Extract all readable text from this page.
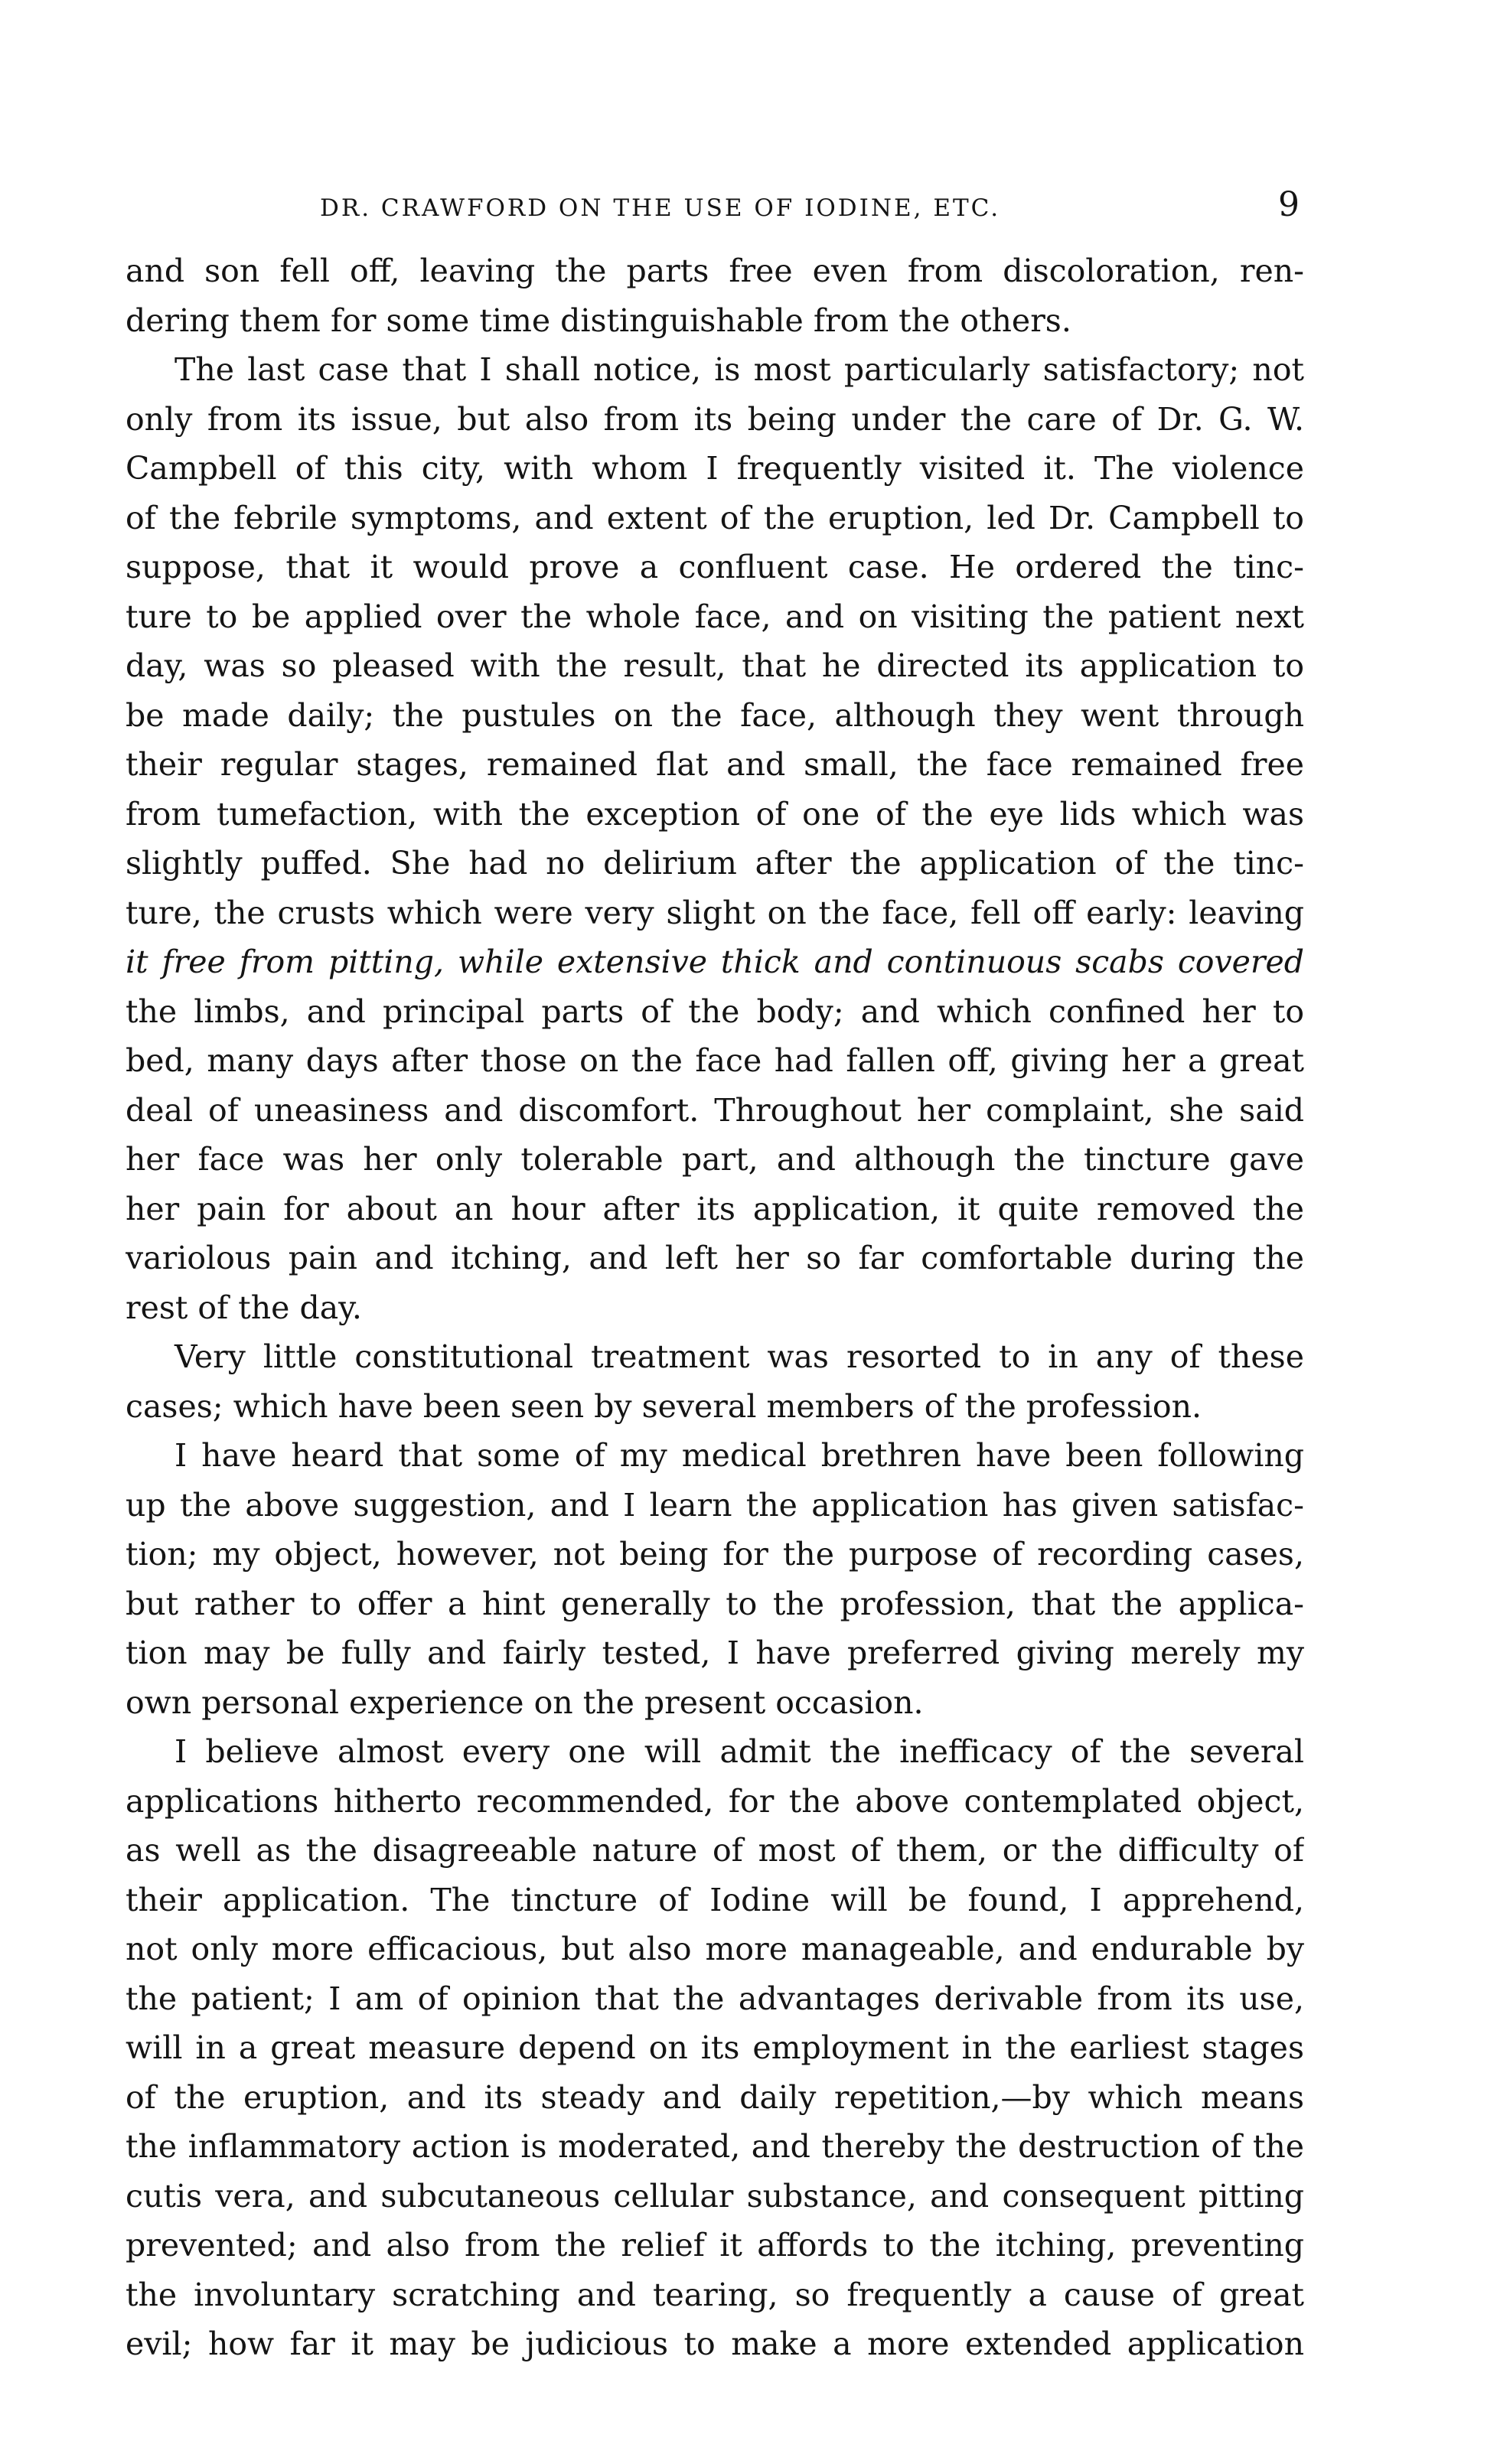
DR. CRAWFORD ON THE USE OF IODINE, ETC.	9
and son fell off, leaving the parts free even from discoloration, ren-
dering them for some time distinguishable from the others.
The last case that I shall notice, is most particularly satisfactory; not
only from its issue, but also from its being under the care of Dr. G. W.
Campbell of this city, with whom I frequently visited it. The violence
of the febrile symptoms, and extent of the eruption, led Dr. Campbell to
suppose, that it would prove a confluent case. He ordered the tinc-
ture to be applied over the whole face, and on visiting the patient next
day, was so pleased with the result, that he directed its application to
be made daily; the pustules on the face, although they went through
their regular stages, remained flat and small, the face remained free
from tumefaction, with the exception of one of the eye lids which was
slightly puffed. She had no delirium after the application of the tinc-
ture, the crusts which were very slight on the face, fell off early: leaving
it free from pitting, while extensive thick and continuous scabs covered
the limbs, and principal parts of the body; and which confined her to
bed, many days after those on the face had fallen off, giving her a great
deal of uneasiness and discomfort. Throughout her complaint, she said
her face was her only tolerable part, and although the tincture gave
her pain for about an hour after its application, it quite removed the
variolous pain and itching, and left her so far comfortable during the
rest of the day.
Very little constitutional treatment was resorted to in any of these
cases; which have been seen by several members of the profession.
I have heard that some of my medical brethren have been following
up the above suggestion, and I learn the application has given satisfac-
tion; my object, however, not being for the purpose of recording cases,
but rather to offer a hint generally to the profession, that the applica-
tion may be fully and fairly tested, I have preferred giving merely my
own personal experience on the present occasion.
I believe almost every one will admit the inefficacy of the several
applications hitherto recommended, for the above contemplated object,
as well as the disagreeable nature of most of them, or the difficulty of
their application. The tincture of Iodine will be found, I apprehend,
not only more efficacious, but also more manageable, and endurable by
the patient; I am of opinion that the advantages derivable from its use,
will in a great measure depend on its employment in the earliest stages
of the eruption, and its steady and daily repetition,—by which means
the inflammatory action is moderated, and thereby the destruction of the
cutis vera, and subcutaneous cellular substance, and consequent pitting
prevented; and also from the relief it affords to the itching, preventing
the involuntary scratching and tearing, so frequently a cause of great
evil; how far it may be judicious to make a more extended application
